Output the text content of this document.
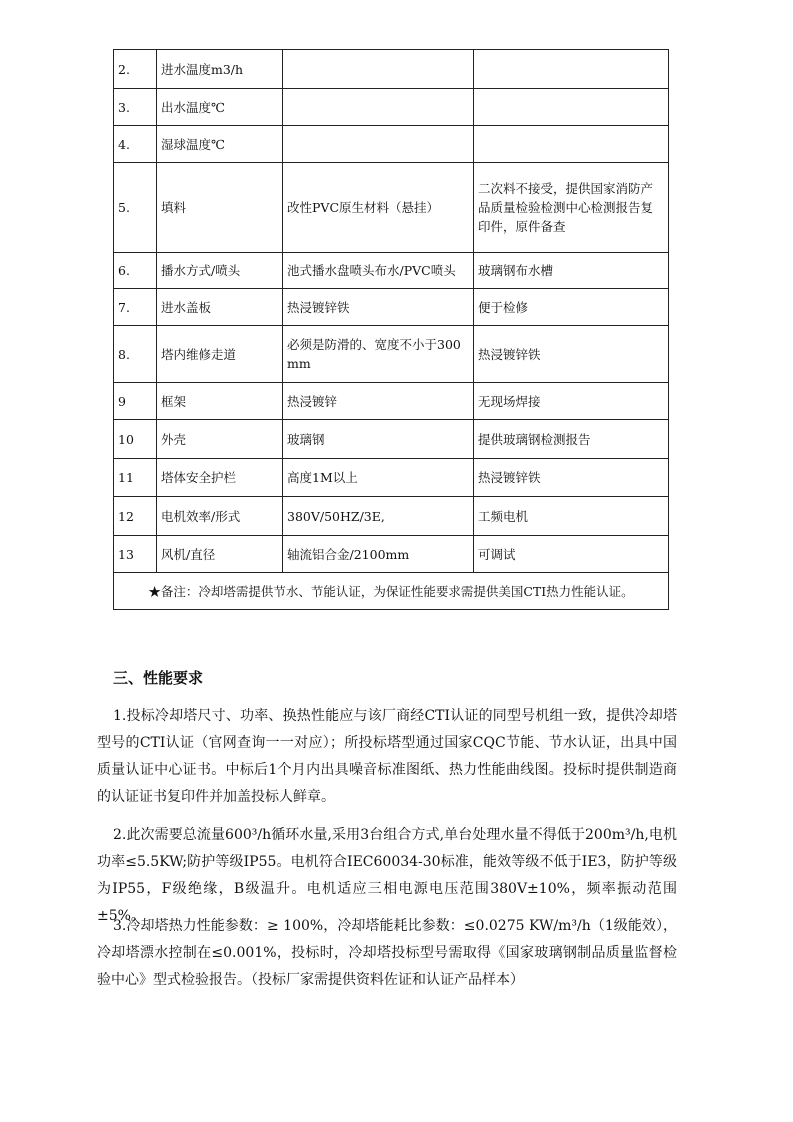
2.	进水温度m3/h		
3.	出水温度℃		
4.	湿球温度℃		
5.	填料	改性PVC原生材料（悬挂）	二次料不接受，提供国家消防产品质量检验检测中心检测报告复印件，原件备查
6.	播水方式/喷头	池式播水盘喷头布水/PVC喷头	玻璃钢布水槽
7.	进水盖板	热浸镀锌铁	便于检修
8.	塔内维修走道	必须是防滑的、宽度不小于300mm	热浸镀锌铁
9	框架	热浸镀锌	无现场焊接
10	外壳	玻璃钢	提供玻璃钢检测报告
11	塔体安全护栏	高度1M以上	热浸镀锌铁
12	电机效率/形式	380V/50HZ/3E,	工频电机
13	风机/直径	轴流铝合金/2100mm	可调试
★备注：冷却塔需提供节水、节能认证，为保证性能要求需提供美国CTI热力性能认证。			
三、性能要求

1.投标冷却塔尺寸、功率、换热性能应与该厂商经CTI认证的同型号机组一致，提供冷却塔型号的CTI认证（官网查询一一对应）；所投标塔型通过国家CQC节能、节水认证，出具中国质量认证中心证书。中标后1个月内出具噪音标准图纸、热力性能曲线图。投标时提供制造商的认证证书复印件并加盖投标人鲜章。

2.此次需要总流量600³/h循环水量,采用3台组合方式,单台处理水量不得低于200m³/h,电机功率≤5.5KW;防护等级IP55。电机符合IEC60034-30标准，能效等级不低于IE3，防护等级为IP55，F级绝缘，B级温升。电机适应三相电源电压范围380V±10%，频率振动范围±5%。

3.冷却塔热力性能参数：≥ 100%，冷却塔能耗比参数：≤0.0275 KW/m³/h（1级能效），冷却塔漂水控制在≤0.001%，投标时，冷却塔投标型号需取得《国家玻璃钢制品质量监督检验中心》型式检验报告。（投标厂家需提供资料佐证和认证产品样本）
